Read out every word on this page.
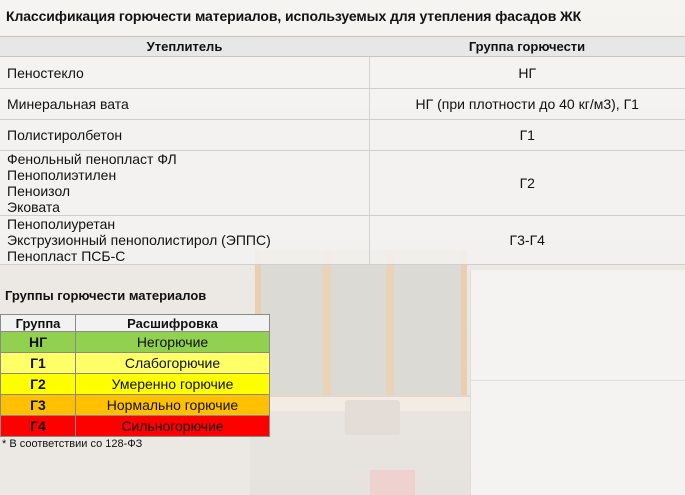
Классификация горючести материалов, используемых для утепления фасадов ЖК
Утеплитель	Группа горючести

Пеностекло	НГ

Минеральная вата	НГ (при плотности до 40 кг/м3), Г1

Полистиролбетон	Г1

Фенольный пенопласт ФЛ
Пенополиэтилен
Пеноизол
Эковата	Г2

Пенополиуретан
Экструзионный пенополистирол (ЭППС)
Пенопласт ПСБ-С	Г3-Г4
Группы горючести материалов
Группа	Расшифровка
НГ	Негорючие
Г1	Слабогорючие
Г2	Умеренно горючие
Г3	Нормально горючие
Г4	Сильногорючие
* В соответствии со 128-ФЗ
